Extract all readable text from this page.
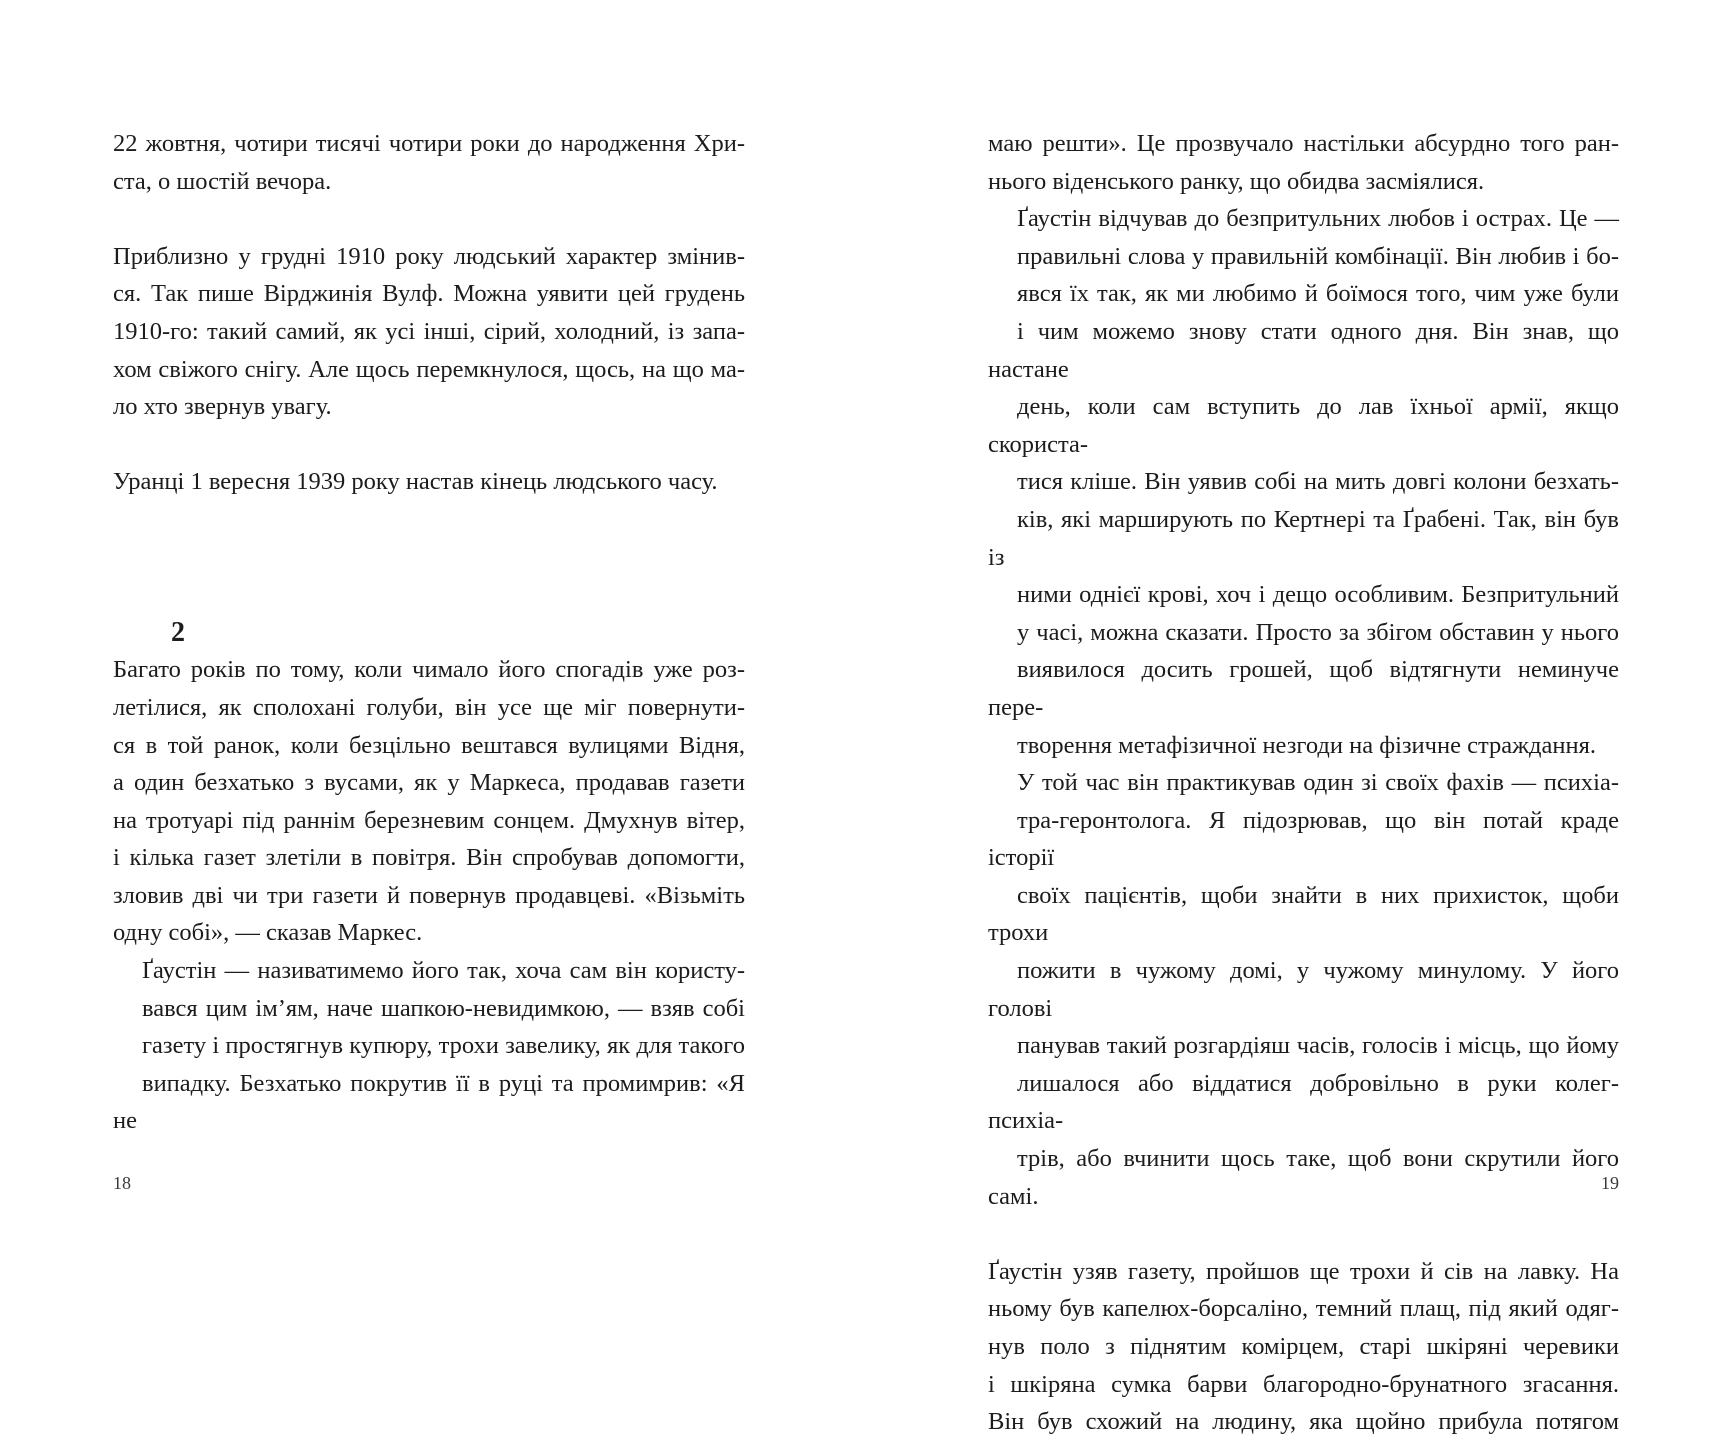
22 жовтня, чотири тисячі чотири роки до народження Хри-
ста, о шостій вечора.

Приблизно у грудні 1910 року людський характер змінив-
ся. Так пише Вірджинія Вулф. Можна уявити цей грудень
1910-го: такий самий, як усі інші, сірий, холодний, із запа-
хом свіжого снігу. Але щось перемкнулося, щось, на що ма-
ло хто звернув увагу.

Уранці 1 вересня 1939 року настав кінець людського часу.

2

Багато років по тому, коли чимало його спогадів уже роз-
летілися, як сполохані голуби, він усе ще міг повернути-
ся в той ранок, коли безцільно вештався вулицями Відня,
а один безхатько з вусами, як у Маркеса, продавав газети
на тротуарі під раннім березневим сонцем. Дмухнув вітер,
і кілька газет злетіли в повітря. Він спробував допомогти,
зловив дві чи три газети й повернув продавцеві. «Візьміть
одну собі», — сказав Маркес.

Ґаустін — називатимемо його так, хоча сам він користу-
вався цим ім’ям, наче шапкою-невидимкою, — взяв собі
газету і простягнув купюру, трохи завелику, як для такого
випадку. Безхатько покрутив її в руці та промимрив: «Я не

18

маю решти». Це прозвучало настільки абсурдно того ран-
нього віденського ранку, що обидва засміялися.

Ґаустін відчував до безпритульних любов і острах. Це —
правильні слова у правильній комбінації. Він любив і бо-
явся їх так, як ми любимо й боїмося того, чим уже були
і чим можемо знову стати одного дня. Він знав, що настане
день, коли сам вступить до лав їхньої армії, якщо скориста-
тися кліше. Він уявив собі на мить довгі колони безхать-
ків, які марширують по Кертнері та Ґрабені. Так, він був із
ними однієї крові, хоч і дещо особливим. Безпритульний
у часі, можна сказати. Просто за збігом обставин у нього
виявилося досить грошей, щоб відтягнути неминуче пере-
творення метафізичної незгоди на фізичне страждання.

У той час він практикував один зі своїх фахів — психіа-
тра-геронтолога. Я підозрював, що він потай краде історії
своїх пацієнтів, щоби знайти в них прихисток, щоби трохи
пожити в чужому домі, у чужому минулому. У його голові
панував такий розгардіяш часів, голосів і місць, що йому
лишалося або віддатися добровільно в руки колег-психіа-
трів, або вчинити щось таке, щоб вони скрутили його самі.

Ґаустін узяв газету, пройшов ще трохи й сів на лавку. На
ньому був капелюх-борсаліно, темний плащ, під який одяг-
нув поло з піднятим комірцем, старі шкіряні черевики
і шкіряна сумка барви благородно-брунатного згасання.
Він був схожий на людину, яка щойно прибула потягом

19
